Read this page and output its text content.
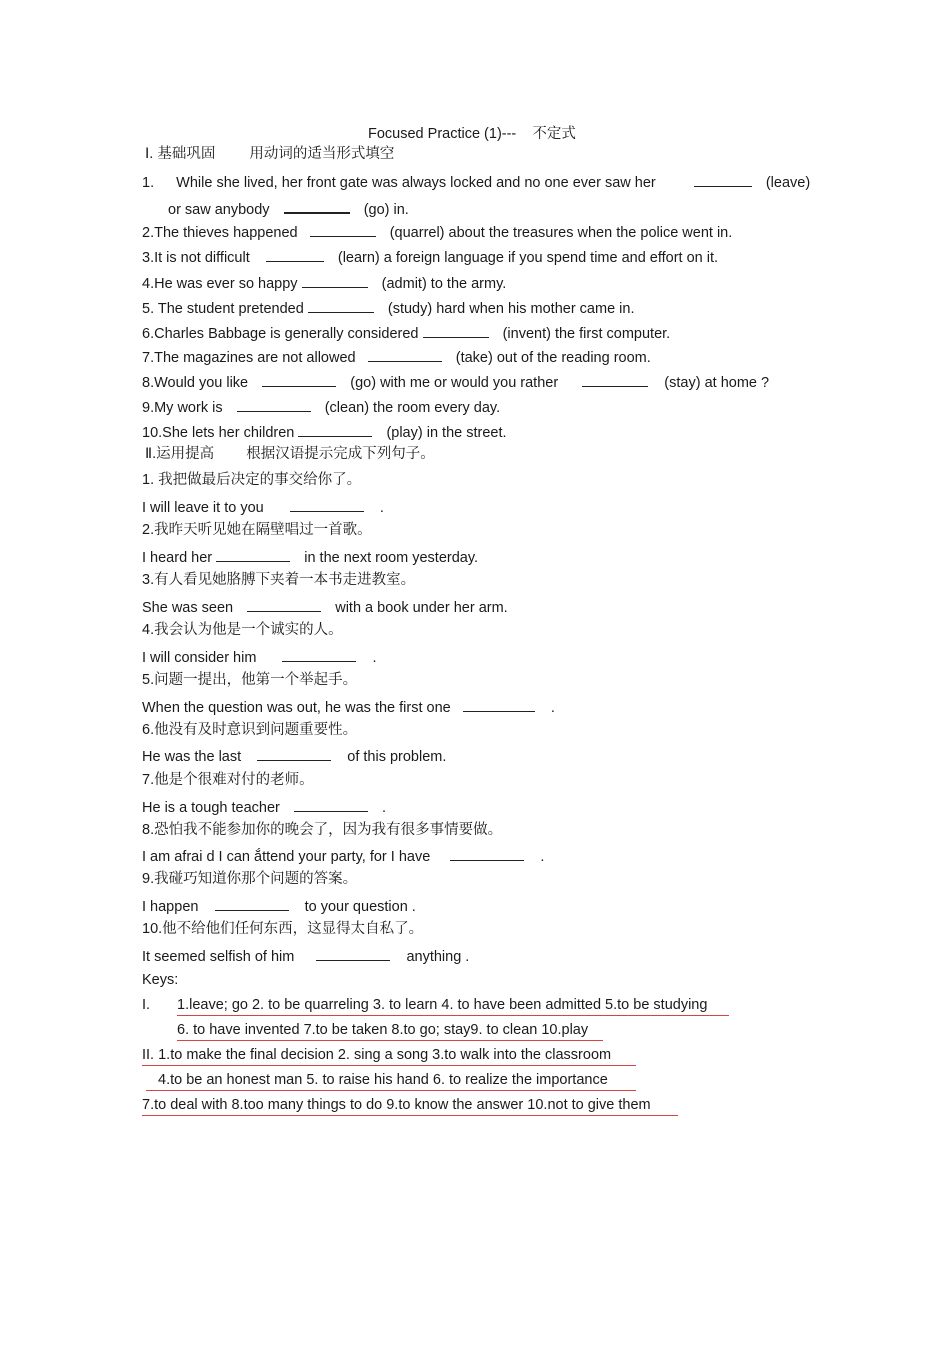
Focused Practice (1)--- 不定式
Ⅰ. 基础巩固 用动词的适当形式填空
1. While she lived, her front gate was always locked and no one ever saw her	(leave)
or saw anybody	(go) in.
2.The thieves happened	(quarrel) about the treasures when the police went in.
3.It is not difficult	(learn) a foreign language if you spend time and effort on it.
4.He was ever so happy	(admit) to the army.
5. The student pretended	(study) hard when his mother came in.
6.Charles Babbage is generally considered	(invent) the first computer.
7.The magazines are not allowed	(take) out of the reading room.
8.Would you like	(go) with me or would you rather	(stay) at home ?
9.My work is	(clean) the room every day.
10.She lets her children	(play) in the street.
Ⅱ.运用提高 根据汉语提示完成下列句子。
1. 我把做最后决定的事交给你了。
I will leave it to you	.
2.我昨天听见她在隔壁唱过一首歌。
I heard her	in the next room yesterday.
3.有人看见她胳膊下夹着一本书走进教室。
She was seen	with a book under her arm.
4.我会认为他是一个诚实的人。
I will consider him	.
5.问题一提出，他第一个举起手。
When the question was out, he was the first one	.
6.他没有及时意识到问题重要性。
He was the last	of this problem.
7.他是个很难对付的老师。
He is a tough teacher	.
8.恐怕我不能参加你的晚会了，因为我有很多事情要做。
I am afrai d I can ắttend your party, for I have	.
9.我碰巧知道你那个问题的答案。
I happen	to your question .
10.他不给他们任何东西，这显得太自私了。
It seemed selfish of him	anything .
Keys:
I. 1.leave; go 2. to be quarreling 3. to learn 4. to have been admitted 5.to be studying
6. to have invented 7.to be taken 8.to go; stay9. to clean 10.play
II. 1.to make the final decision 2. sing a song 3.to walk into the classroom
4.to be an honest man 5. to raise his hand 6. to realize the importance
7.to deal with 8.too many things to do 9.to know the answer 10.not to give them
